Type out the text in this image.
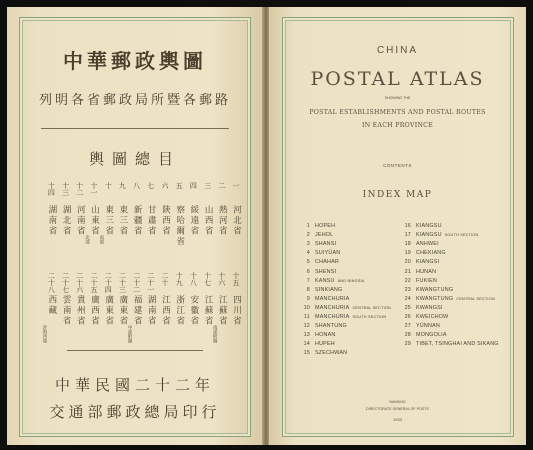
中華郵政輿圖
列明各省郵政局所暨各郵路
輿圖總目
一
河北省
二
熱河省
三
山西省
四
綏遠省
五
察哈爾省
六
陝西省
七
甘肅省
八
新疆省
九
東三省
十
東三省
南部
十一
山東省
北部
十二
河南省
十三
湖北省
十四
湖南省
十五
四川省
十六
江蘇省
南部附圖
十七
江蘇省
十八
安徽省
十九
浙江省
二十
江西省
二十一
湖南省
二十二
福建省
中部附圖
二十三
廣東省
二十四
廣東省
二十五
廣西省
二十六
貴州省
二十七
雲南省
二十八
西藏
青海西康
中華民國二十二年
交通部郵政總局印行
CHINA
POSTAL ATLAS
SHOWING THE
POSTAL ESTABLISHMENTS AND POSTAL ROUTES
IN EACH PROVINCE
CONTENTS
INDEX MAP
1 HOPEH
2 JEHOL
3 SHANSI
4 SUIYÜAN
5 CHAHAR
6 SHENSI
7 KANSU AND NINGSIA
8 SINKIANG
9 MANCHURIA
10 MANCHURIA CENTRAL SECTION
11 MANCHURIA SOUTH SECTION
12 SHANTUNG
13 HONAN
14 HUPEH
15 SZECHWAN
16 KIANGSU
17 KIANGSU SOUTH SECTION
18 ANHWEI
19 CHEKIANG
20 KIANGSI
21 HUNAN
22 FUKIEN
23 KWANGTUNG
24 KWANGTUNG CENTRAL SECTION
25 KWANGSI
26 KWEICHOW
27 YÜNNAN
28 MONGOLIA
29 TIBET, TSINGHAI AND SIKANG
NANKING
DIRECTORATE GENERAL OF POSTS
1933
